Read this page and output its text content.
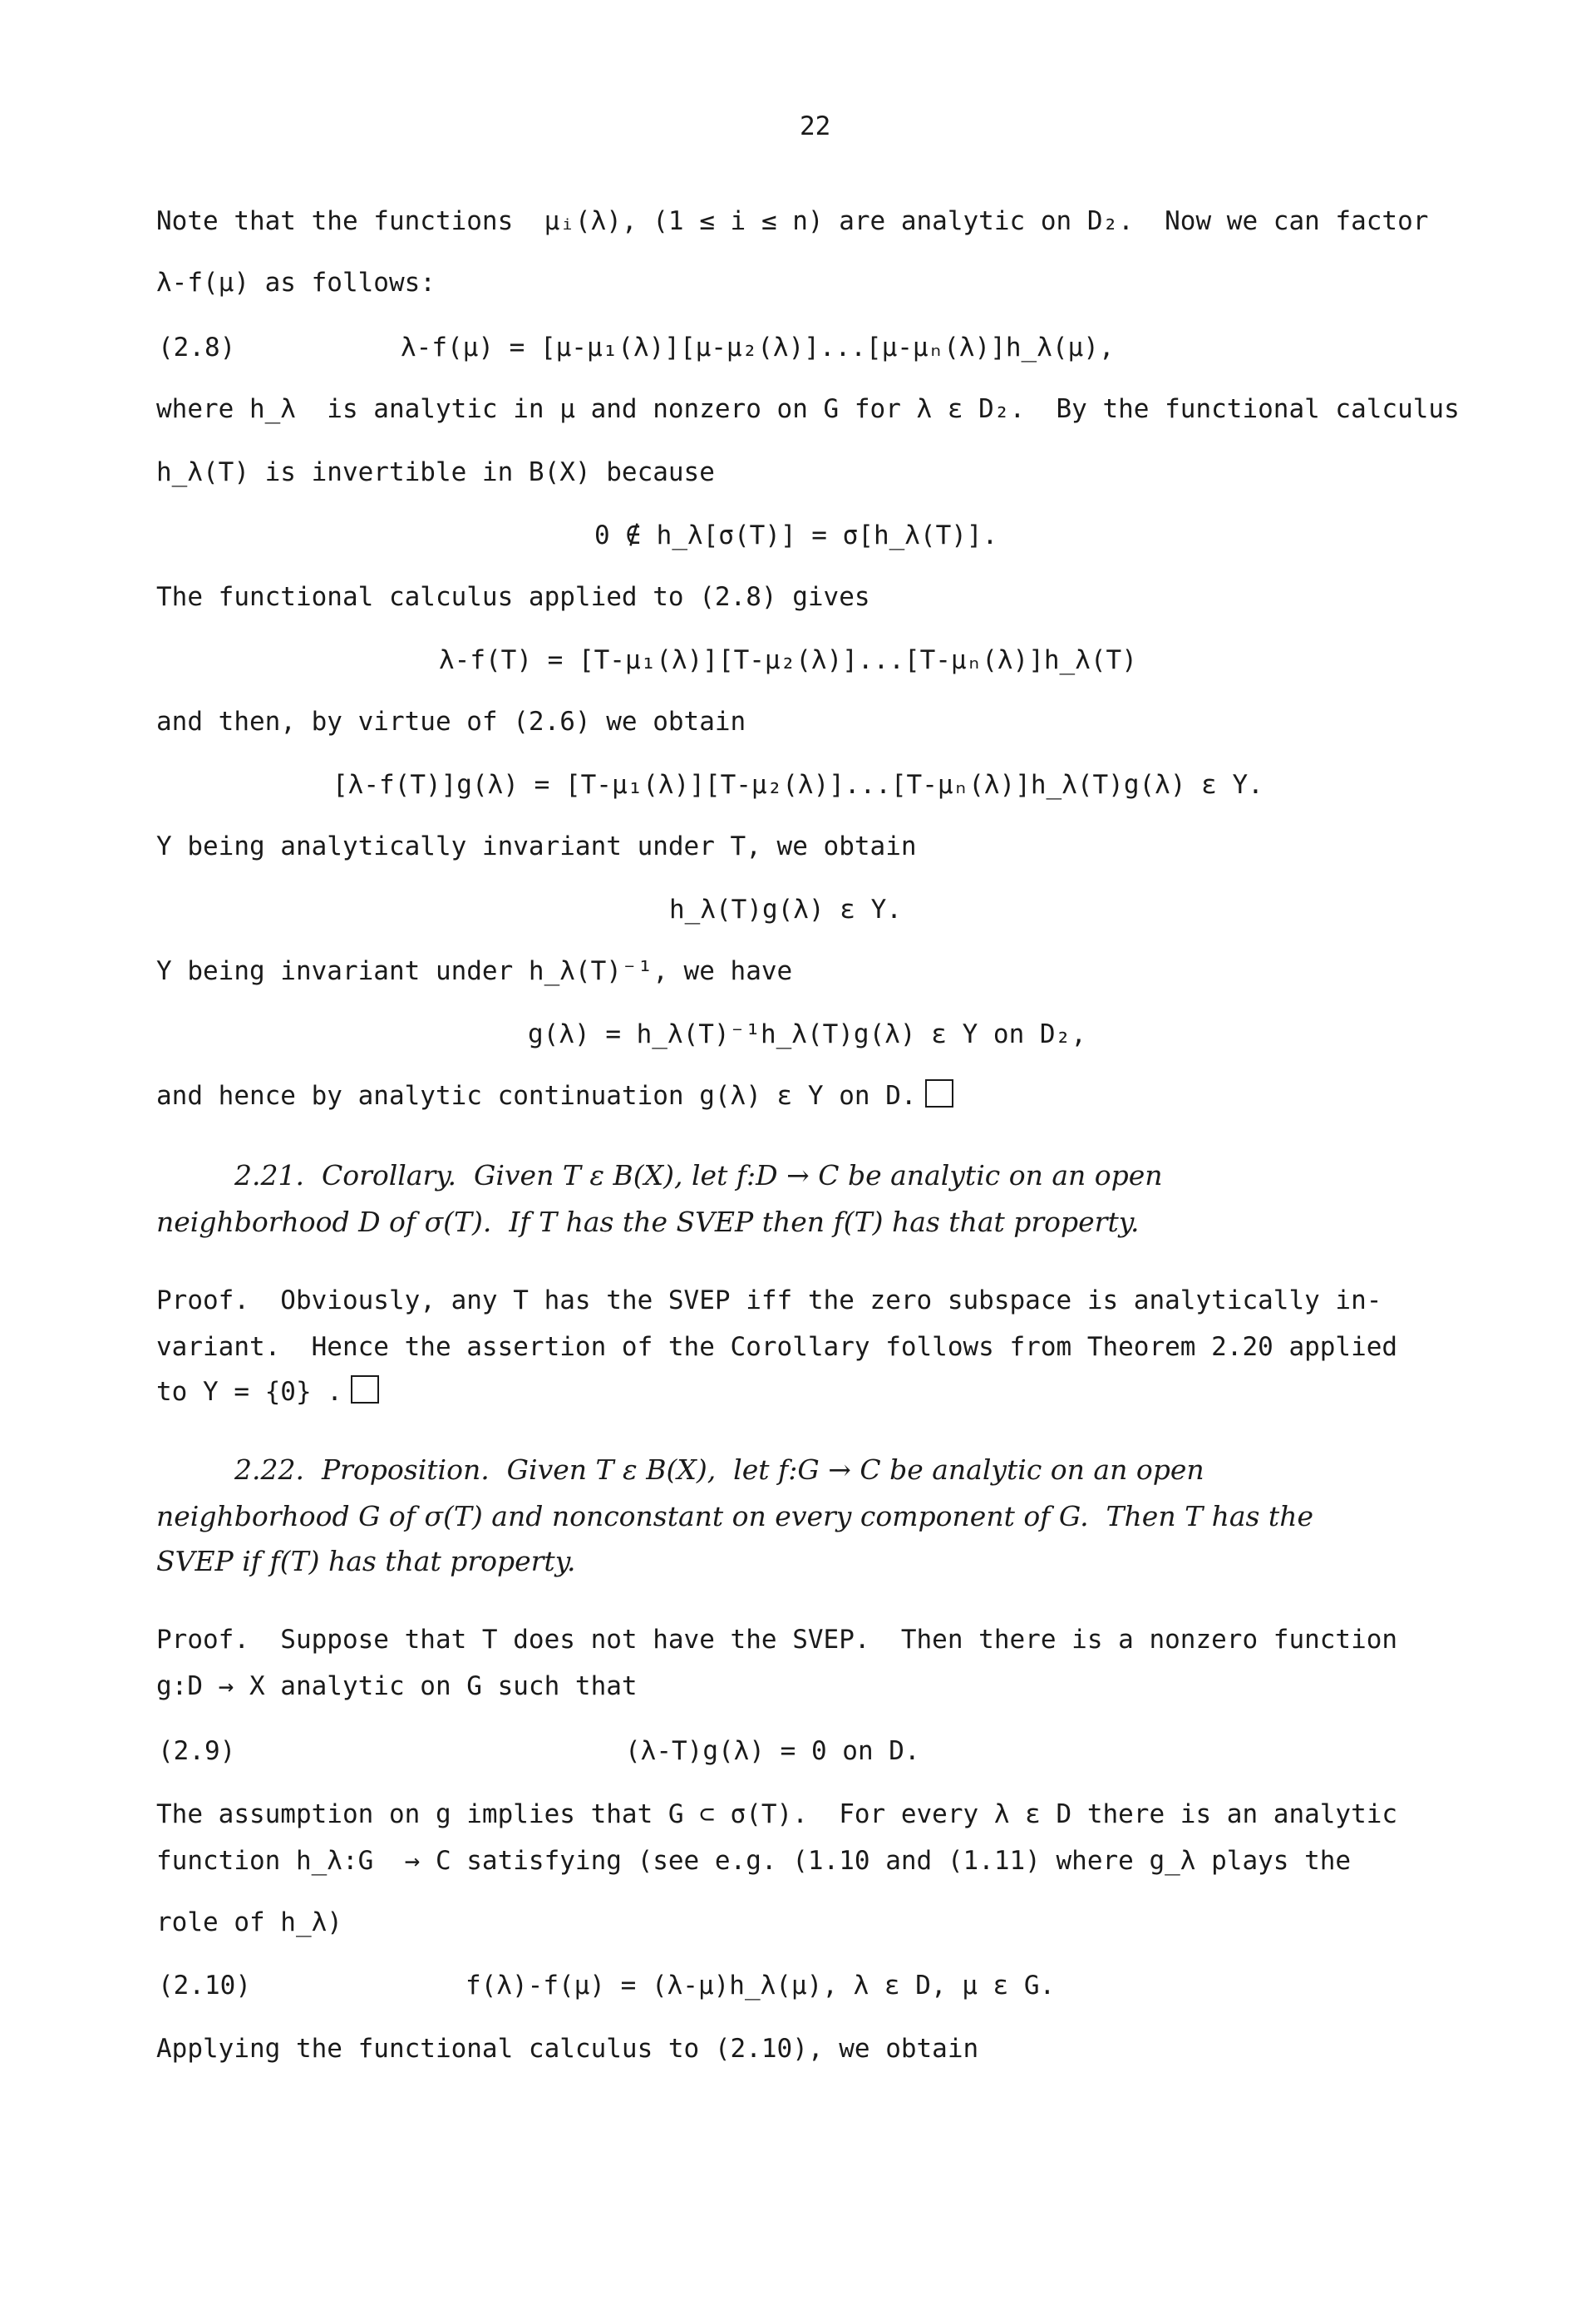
22
Note that the functions  μᵢ(λ), (1 ≤ i ≤ n) are analytic on D₂.  Now we can factor
λ-f(μ) as follows:
(2.8)	λ-f(μ) = [μ-μ₁(λ)][μ-μ₂(λ)]...[μ-μₙ(λ)]h_λ(μ),
where h_λ  is analytic in μ and nonzero on G for λ ε D₂.  By the functional calculus
h_λ(T) is invertible in B(X) because
0 ∉ h_λ[σ(T)] = σ[h_λ(T)].
The functional calculus applied to (2.8) gives
λ-f(T) = [T-μ₁(λ)][T-μ₂(λ)]...[T-μₙ(λ)]h_λ(T)
and then, by virtue of (2.6) we obtain
[λ-f(T)]g(λ) = [T-μ₁(λ)][T-μ₂(λ)]...[T-μₙ(λ)]h_λ(T)g(λ) ε Y.
Y being analytically invariant under T, we obtain
h_λ(T)g(λ) ε Y.
Y being invariant under h_λ(T)⁻¹, we have
g(λ) = h_λ(T)⁻¹h_λ(T)g(λ) ε Y on D₂,
and hence by analytic continuation g(λ) ε Y on D.
2.21.  Corollary.  Given T ε B(X), let f:D → C be analytic on an open
neighborhood D of σ(T).  If T has the SVEP then f(T) has that property.
Proof.  Obviously, any T has the SVEP iff the zero subspace is analytically in-
variant.  Hence the assertion of the Corollary follows from Theorem 2.20 applied
to Y = {0} .
2.22.  Proposition.  Given T ε B(X),  let f:G → C be analytic on an open
neighborhood G of σ(T) and nonconstant on every component of G.  Then T has the
SVEP if f(T) has that property.
Proof.  Suppose that T does not have the SVEP.  Then there is a nonzero function
g:D → X analytic on G such that
(2.9)	(λ-T)g(λ) = 0 on D.
The assumption on g implies that G ⊂ σ(T).  For every λ ε D there is an analytic
function h_λ:G  → C satisfying (see e.g. (1.10 and (1.11) where g_λ plays the
role of h_λ)
(2.10)	f(λ)-f(μ) = (λ-μ)h_λ(μ), λ ε D, μ ε G.
Applying the functional calculus to (2.10), we obtain
